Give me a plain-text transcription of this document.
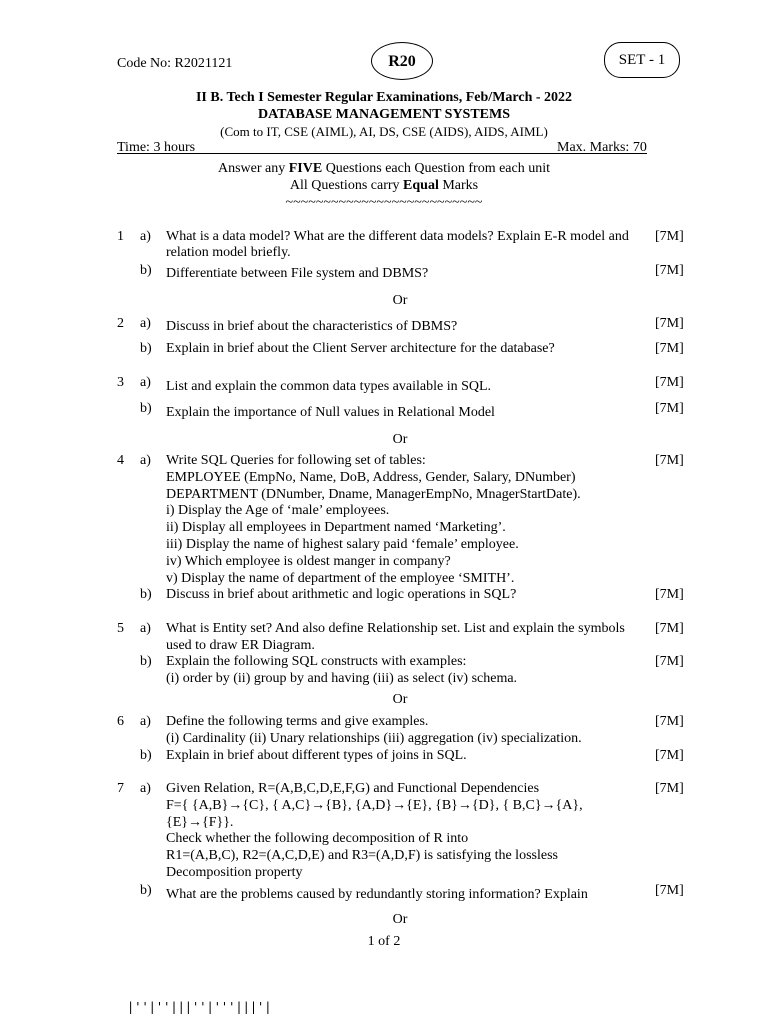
Code No: R2021121	R20	SET - 1
II B. Tech I Semester Regular Examinations, Feb/March - 2022
DATABASE MANAGEMENT SYSTEMS
(Com to IT, CSE (AIML), AI, DS, CSE (AIDS), AIDS, AIML)
Time: 3 hours	Max. Marks: 70
Answer any FIVE Questions each Question from each unit
All Questions carry Equal Marks
~~~~~~~~~~~~~~~~~~~~~~~~~~
1 a) What is a data model? What are the different data models? Explain E-R model and
relation model briefly.
[7M]
b) Differentiate between File system and DBMS?	[7M]
Or
2 a) Discuss in brief about the characteristics of DBMS?	[7M]
b) Explain in brief about the Client Server architecture for the database?	[7M]
3 a) List and explain the common data types available in SQL.	[7M]
b) Explain the importance of Null values in Relational Model	[7M]
Or
4 a) Write SQL Queries for following set of tables:
EMPLOYEE (EmpNo, Name, DoB, Address, Gender, Salary, DNumber)
DEPARTMENT (DNumber, Dname, ManagerEmpNo, MnagerStartDate).
i) Display the Age of ‘male’ employees.
ii) Display all employees in Department named ‘Marketing’.
iii) Display the name of highest salary paid ‘female’ employee.
iv) Which employee is oldest manger in company?
v) Display the name of department of the employee ‘SMITH’.
[7M]
b) Discuss in brief about arithmetic and logic operations in SQL?	[7M]
5 a) What is Entity set? And also define Relationship set. List and explain the symbols
used to draw ER Diagram.
[7M]
b) Explain the following SQL constructs with examples:
(i) order by (ii) group by and having (iii) as select (iv) schema.
[7M]
Or
6 a) Define the following terms and give examples.
(i) Cardinality (ii) Unary relationships (iii) aggregation (iv) specialization.
[7M]
b) Explain in brief about different types of joins in SQL.	[7M]
7 a) Given Relation, R=(A,B,C,D,E,F,G) and Functional Dependencies
F={ {A,B}→{C}, { A,C}→{B}, {A,D}→{E}, {B}→{D}, { B,C}→{A},
{E}→{F}}.
Check whether the following decomposition of R into
R1=(A,B,C), R2=(A,C,D,E) and R3=(A,D,F) is satisfying the lossless
Decomposition property
[7M]
b) What are the problems caused by redundantly storing information? Explain	[7M]
Or
1 of 2
|''|''|||''|'''|||'|
